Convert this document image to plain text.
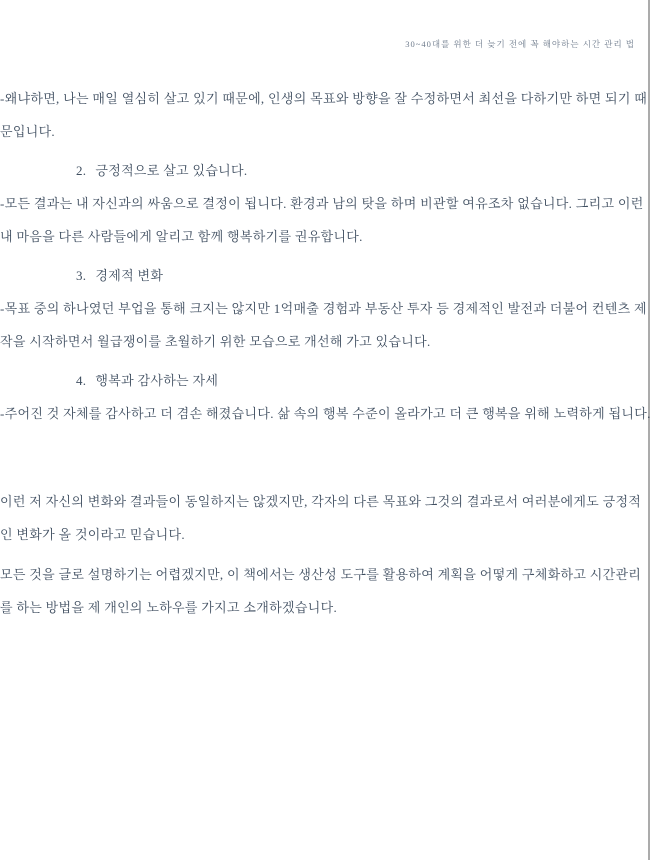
30~40대를 위한 더 늦기 전에 꼭 해야하는 시간 관리 법

-왜냐하면, 나는 매일 열심히 살고 있기 때문에, 인생의 목표와 방향을 잘 수정하면서 최선을 다하기만 하면 되기 때문입니다.

2. 긍정적으로 살고 있습니다.

-모든 결과는 내 자신과의 싸움으로 결정이 됩니다. 환경과 남의 탓을 하며 비관할 여유조차 없습니다. 그리고 이런 내 마음을 다른 사람들에게 알리고 함께 행복하기를 권유합니다.

3. 경제적 변화

-목표 중의 하나였던 부업을 통해 크지는 않지만 1억매출 경험과 부동산 투자 등 경제적인 발전과 더불어 컨텐츠 제작을 시작하면서 월급쟁이를 초월하기 위한 모습으로 개선해 가고 있습니다.

4. 행복과 감사하는 자세

-주어진 것 자체를 감사하고 더 겸손 해졌습니다. 삶 속의 행복 수준이 올라가고 더 큰 행복을 위해 노력하게 됩니다.

이런 저 자신의 변화와 결과들이 동일하지는 않겠지만, 각자의 다른 목표와 그것의 결과로서 여러분에게도 긍정적인 변화가 올 것이라고 믿습니다.

모든 것을 글로 설명하기는 어렵겠지만, 이 책에서는 생산성 도구를 활용하여 계획을 어떻게 구체화하고 시간관리를 하는 방법을 제 개인의 노하우를 가지고 소개하겠습니다.
